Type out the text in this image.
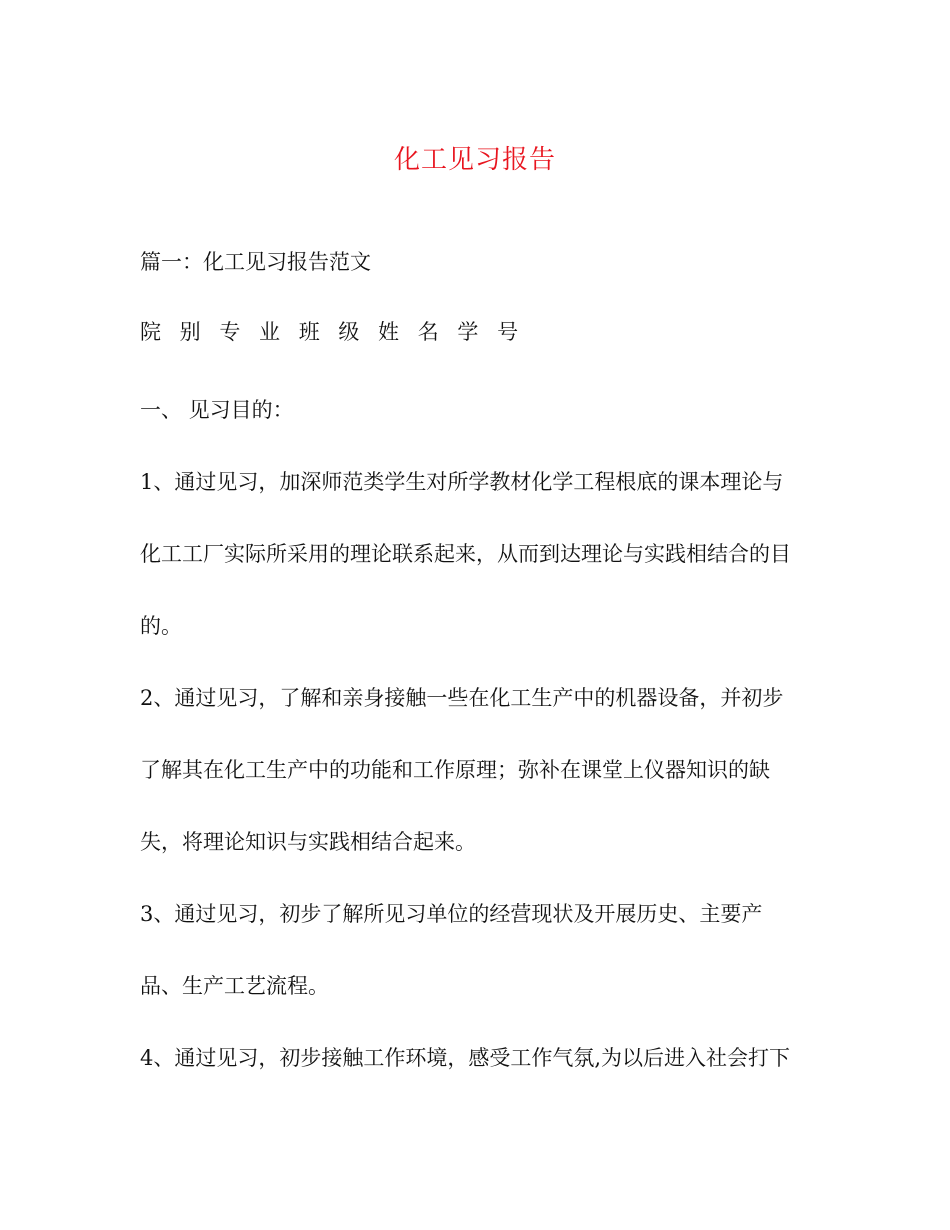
化工见习报告
篇一：化工见习报告范文
院 别 专 业 班 级 姓 名 学 号
一、 见习目的：
1、通过见习，加深师范类学生对所学教材化学工程根底的课本理论与
化工工厂实际所采用的理论联系起来，从而到达理论与实践相结合的目
的。
2、通过见习，了解和亲身接触一些在化工生产中的机器设备，并初步
了解其在化工生产中的功能和工作原理；弥补在课堂上仪器知识的缺
失，将理论知识与实践相结合起来。
3、通过见习，初步了解所见习单位的经营现状及开展历史、主要产
品、生产工艺流程。
4、通过见习，初步接触工作环境，感受工作气氛,为以后进入社会打下
